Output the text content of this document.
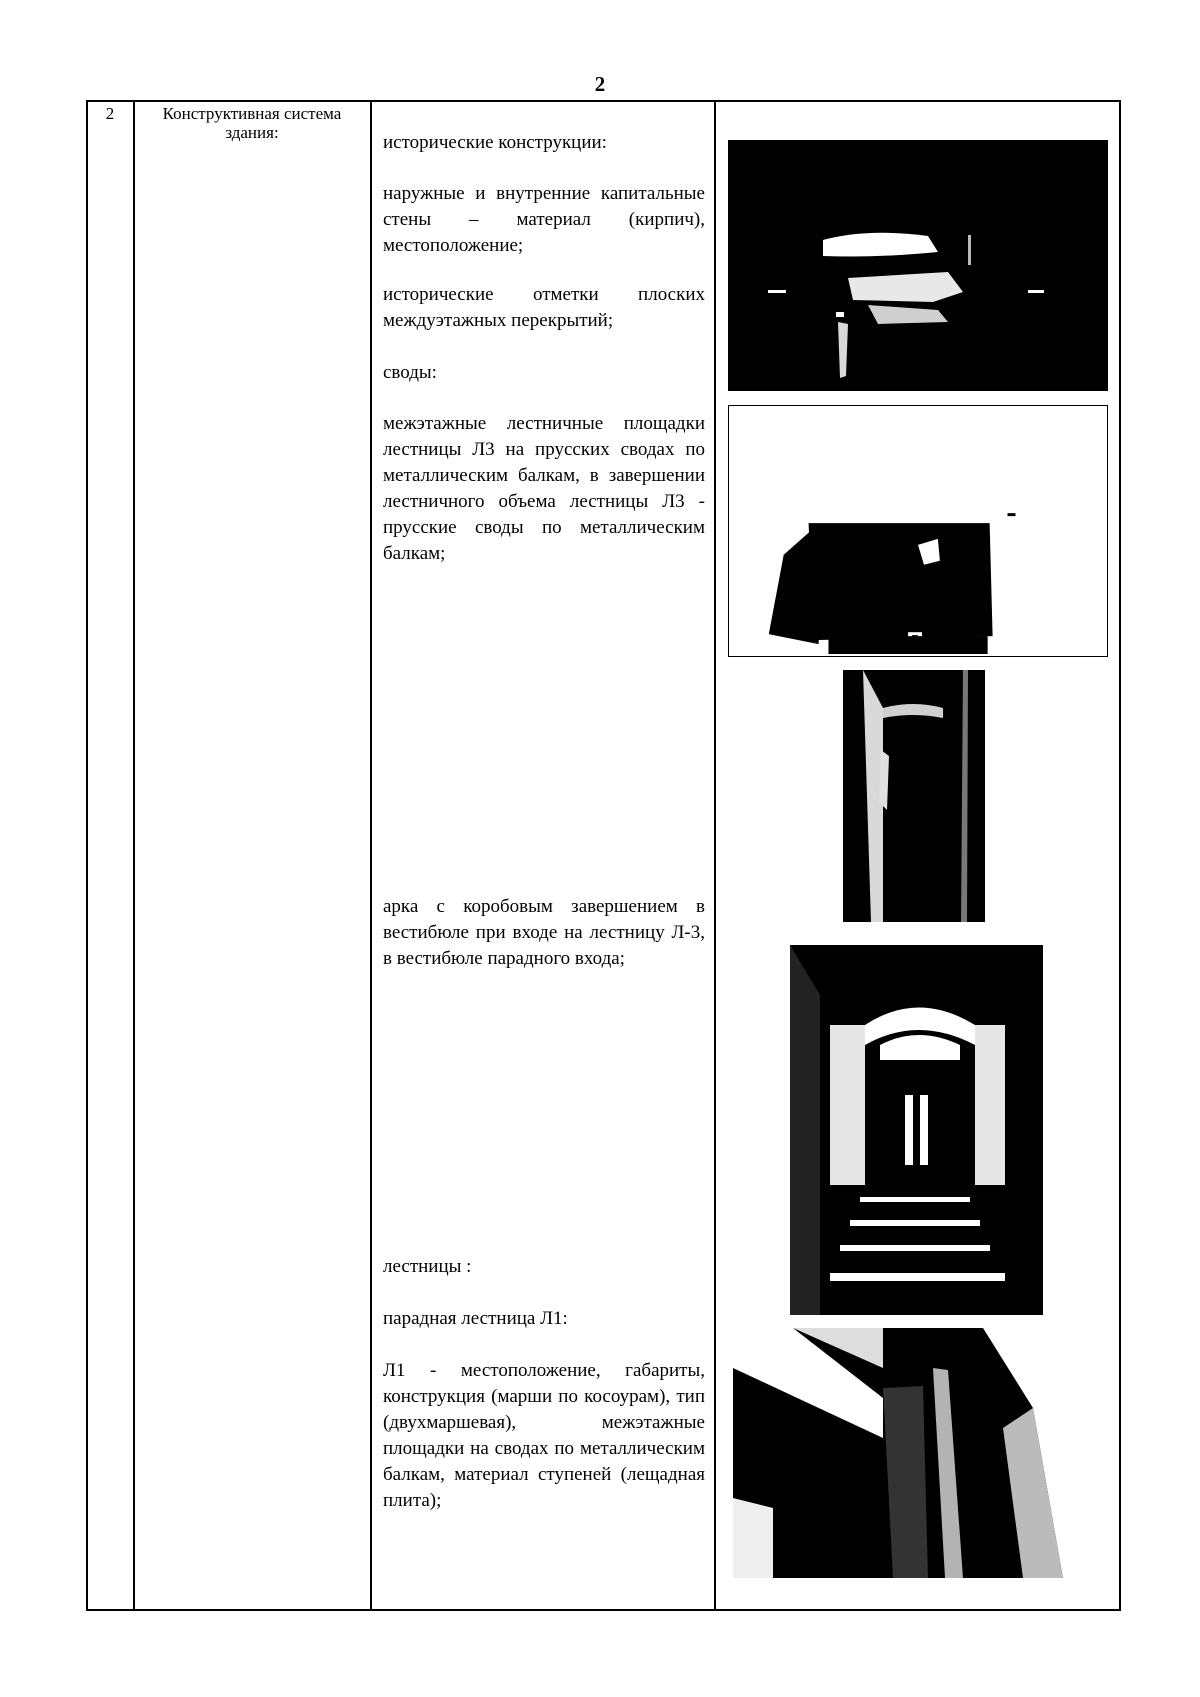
2
2	Конструктивная система здания:	исторические конструкции:

наружные и внутренние капитальные стены – материал (кирпич), местоположение;

исторические отметки плоских междуэтажных перекрытий;

своды:

межэтажные лестничные площадки лестницы Л3 на прусских сводах по металлическим балкам, в завершении лестничного объема лестницы Л3 - прусские своды по металлическим балкам;

арка с коробовым завершением в вестибюле при входе на лестницу Л-3, в вестибюле парадного входа;

лестницы :

парадная лестница Л1:

Л1 - местоположение, габариты, конструкция (марши по косоурам), тип (двухмаршевая), межэтажные площадки на сводах по металлическим балкам, материал ступеней (лещадная плита);
